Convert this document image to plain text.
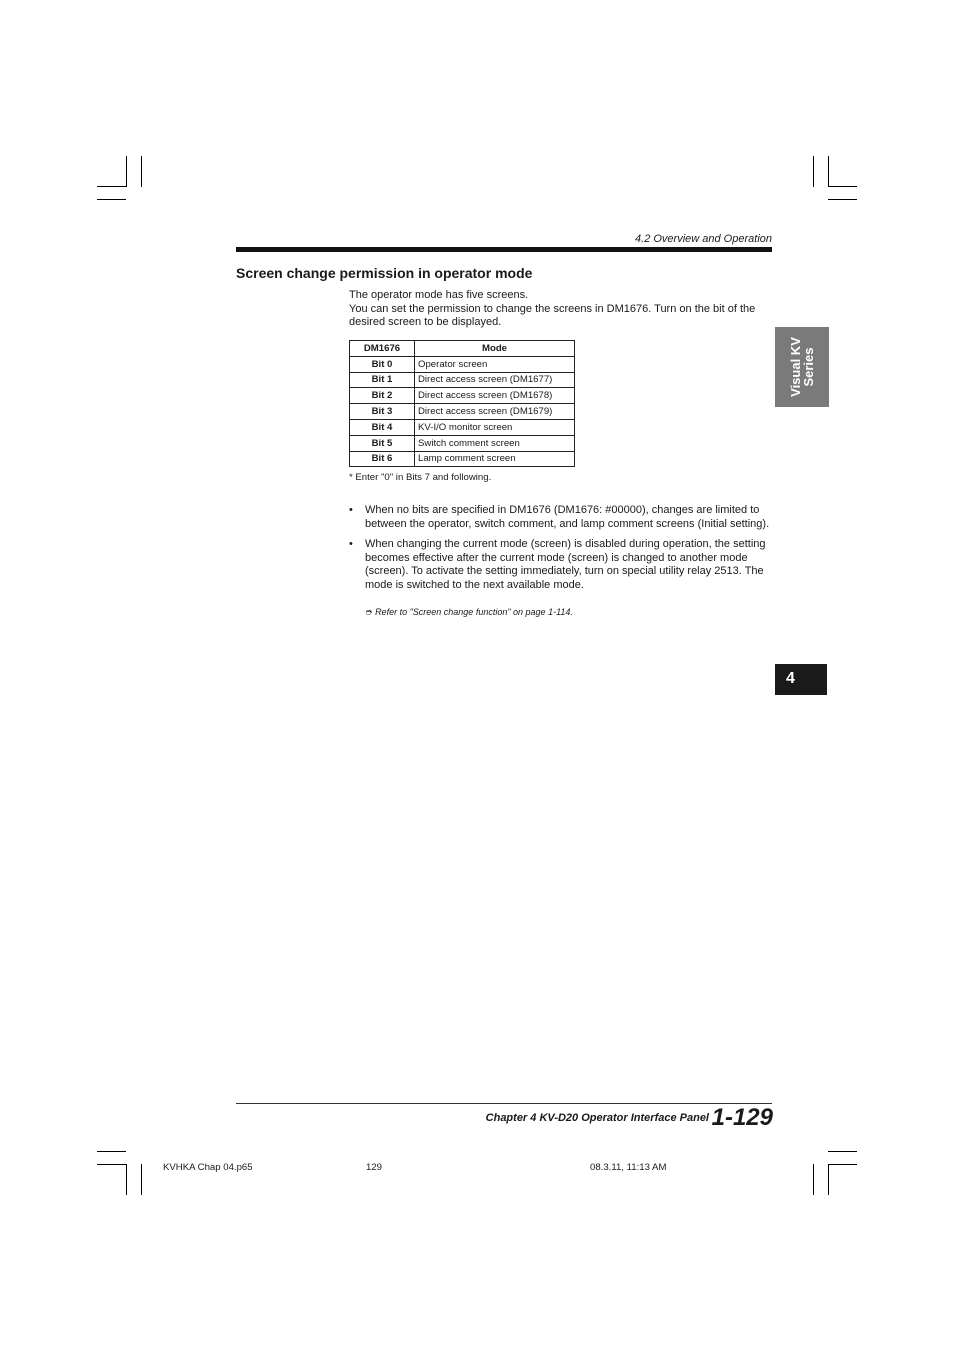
4.2 Overview and Operation
Screen change permission in operator mode

The operator mode has five screens.

You can set the permission to change the screens in DM1676. Turn on the bit of the desired screen to be displayed.

DM1676	Mode
Bit 0	Operator screen
Bit 1	Direct access screen (DM1677)
Bit 2	Direct access screen (DM1678)
Bit 3	Direct access screen (DM1679)
Bit 4	KV-I/O monitor screen
Bit 5	Switch comment screen
Bit 6	Lamp comment screen
* Enter "0" in Bits 7 and following.
• When no bits are specified in DM1676 (DM1676: #00000), changes are limited to between the operator, switch comment, and lamp comment screens (Initial setting).
• When changing the current mode (screen) is disabled during operation, the setting becomes effective after the current mode (screen) is changed to another mode (screen). To activate the setting immediately, turn on special utility relay 2513. The mode is switched to the next available mode.
➮ Refer to "Screen change function" on page 1-114.
Visual KV
Series
4
Chapter 4 KV-D20 Operator Interface Panel 1-129
KVHKA Chap 04.p65	129	08.3.11, 11:13 AM
